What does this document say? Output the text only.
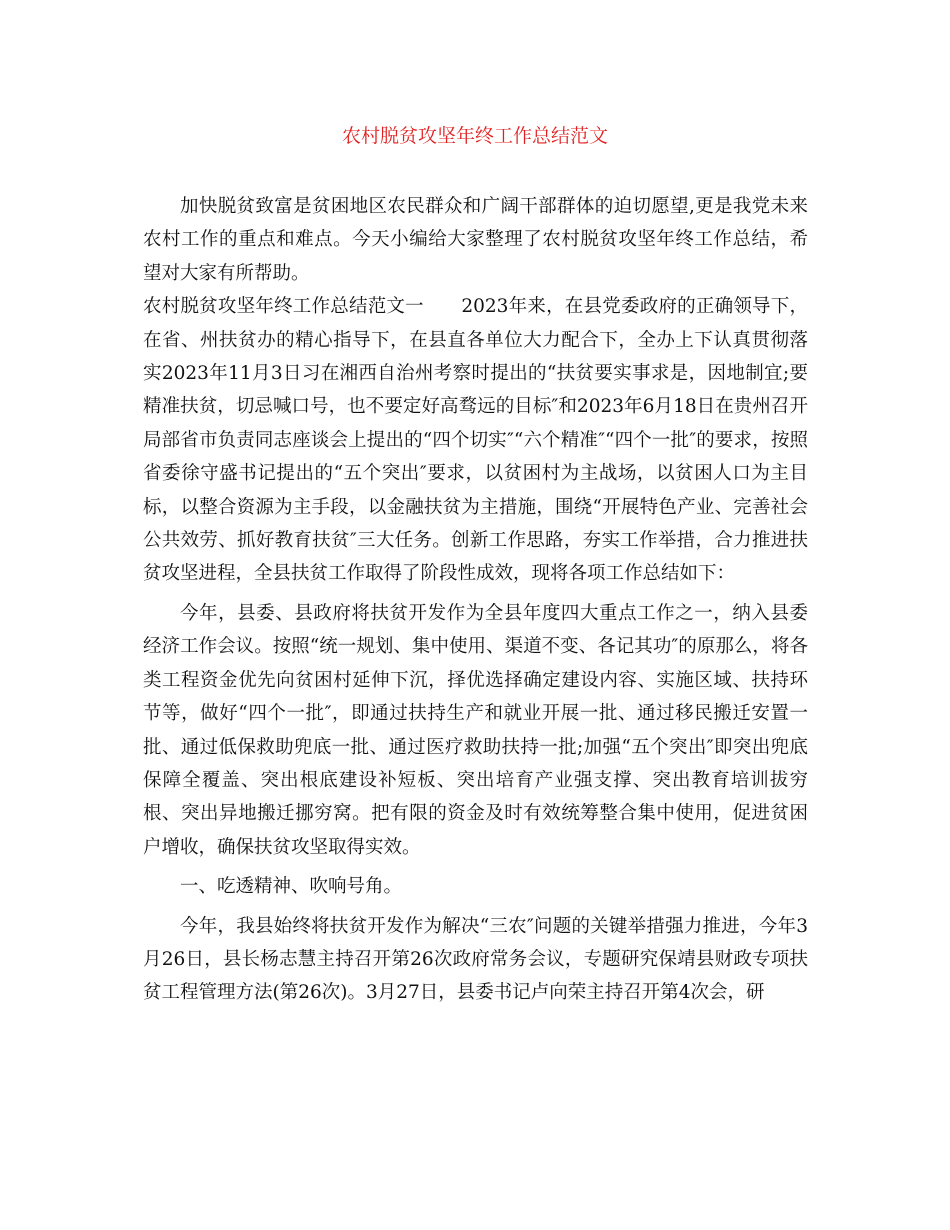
农村脱贫攻坚年终工作总结范文

加快脱贫致富是贫困地区农民群众和广阔干部群体的迫切愿望,更是我党未来农村工作的重点和难点。今天小编给大家整理了农村脱贫攻坚年终工作总结，希望对大家有所帮助。

农村脱贫攻坚年终工作总结范文一　　2023年来，在县党委政府的正确领导下，在省、州扶贫办的精心指导下，在县直各单位大力配合下，全办上下认真贯彻落实2023年11月3日习在湘西自治州考察时提出的“扶贫要实事求是，因地制宜;要精准扶贫，切忌喊口号，也不要定好高骛远的目标″和2023年6月18日在贵州召开局部省市负责同志座谈会上提出的“四个切实″“六个精准″“四个一批″的要求，按照省委徐守盛书记提出的“五个突出″要求，以贫困村为主战场，以贫困人口为主目标，以整合资源为主手段，以金融扶贫为主措施，围绕“开展特色产业、完善社会公共效劳、抓好教育扶贫″三大任务。创新工作思路，夯实工作举措，合力推进扶贫攻坚进程，全县扶贫工作取得了阶段性成效，现将各项工作总结如下：

今年，县委、县政府将扶贫开发作为全县年度四大重点工作之一，纳入县委经济工作会议。按照“统一规划、集中使用、渠道不变、各记其功″的原那么，将各类工程资金优先向贫困村延伸下沉，择优选择确定建设内容、实施区域、扶持环节等，做好“四个一批″，即通过扶持生产和就业开展一批、通过移民搬迁安置一批、通过低保救助兜底一批、通过医疗救助扶持一批;加强“五个突出″即突出兜底保障全覆盖、突出根底建设补短板、突出培育产业强支撑、突出教育培训拔穷根、突出异地搬迁挪穷窝。把有限的资金及时有效统筹整合集中使用，促进贫困户增收，确保扶贫攻坚取得实效。

一、吃透精神、吹响号角。

今年，我县始终将扶贫开发作为解决“三农″问题的关键举措强力推进，今年3月26日，县长杨志慧主持召开第26次政府常务会议，专题研究保靖县财政专项扶贫工程管理方法(第26次)。3月27日，县委书记卢向荣主持召开第4次会，研
